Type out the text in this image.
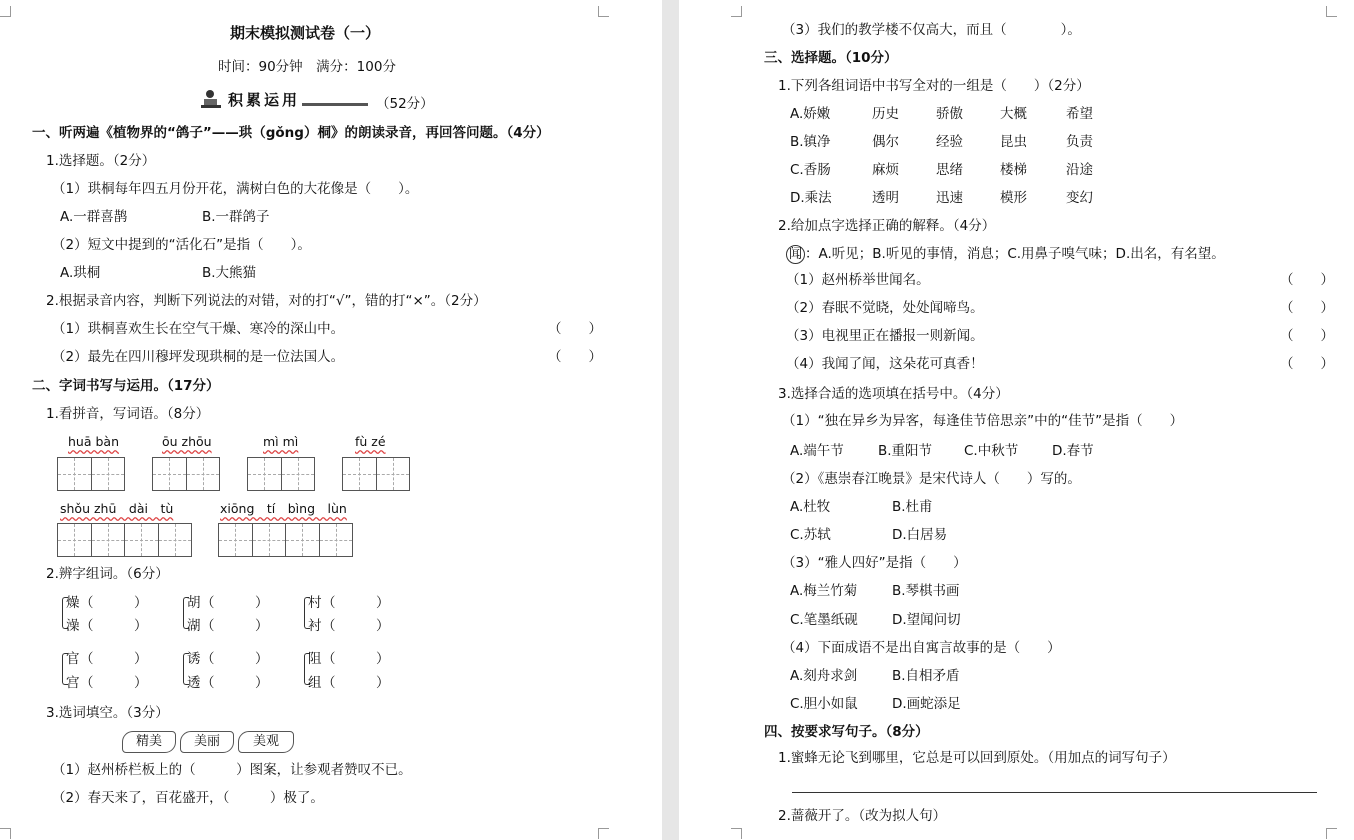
期末模拟测试卷（一）
时间：90分钟　满分：100分
积累运用	（52分）
一、听两遍《植物界的“鸽子”——珙（gǒng）桐》的朗读录音，再回答问题。（4分）
1.选择题。（2分）
（1）珙桐每年四五月份开花，满树白色的大花像是（　　）。
A.一群喜鹊	B.一群鸽子
（2）短文中提到的“活化石”是指（　　）。
A.珙桐	B.大熊猫
2.根据录音内容，判断下列说法的对错，对的打“√”，错的打“×”。（2分）
（1）珙桐喜欢生长在空气干燥、寒冷的深山中。	（　　）
（2）最先在四川穆坪发现珙桐的是一位法国人。	（　　）
二、字词书写与运用。（17分）
1.看拼音，写词语。（8分）
huā bàn	ōu zhōu	mì mì	fù zé
shǒu zhū　dài　tù	xiōng　tí　bìng　lùn
2.辨字组词。（6分）
燥 （　　　）
澡 （　　　）
胡 （　　　）
湖 （　　　）
村 （　　　）
衬 （　　　）
官 （　　　）
宫 （　　　）
诱 （　　　）
透 （　　　）
阻 （　　　）
组 （　　　）
3.选词填空。（3分）
精美	美丽	美观
（1）赵州桥栏板上的（　　　）图案，让参观者赞叹不已。
（2）春天来了，百花盛开，（　　　）极了。
（3）我们的教学楼不仅高大，而且（　　　　）。
三、选择题。（10分）
1.下列各组词语中书写全对的一组是（　　）（2分）
A.娇嫩	历史	骄傲	大概	希望
B.镇净	偶尔	经验	昆虫	负责
C.香肠	麻烦	思绪	楼梯	沿途
D.乘法	透明	迅速	模形	变幻
2.给加点字选择正确的解释。（4分）
闻 ：A.听见；B.听见的事情，消息；C.用鼻子嗅气味；D.出名，有名望。
（1）赵州桥举世闻名。	（　　）
（2）春眠不觉晓，处处闻啼鸟。	（　　）
（3）电视里正在播报一则新闻。	（　　）
（4）我闻了闻，这朵花可真香！	（　　）
3.选择合适的选项填在括号中。（4分）
（1）“独在异乡为异客，每逢佳节倍思亲”中的“佳节”是指（　　）
A.端午节	B.重阳节 C.中秋节	D.春节
（2）《惠崇春江晚景》是宋代诗人（　　）写的。
A.杜牧	B.杜甫
C.苏轼	D.白居易
（3）“雅人四好”是指（　　）
A.梅兰竹菊	B.琴棋书画
C.笔墨纸砚	D.望闻问切
（4）下面成语不是出自寓言故事的是（　　）
A.刻舟求剑	B.自相矛盾
C.胆小如鼠	D.画蛇添足
四、按要求写句子。（8分）
1.蜜蜂无论飞到哪里，它总是可以回到原处。（用加点的词写句子）
2.蔷薇开了。（改为拟人句）
